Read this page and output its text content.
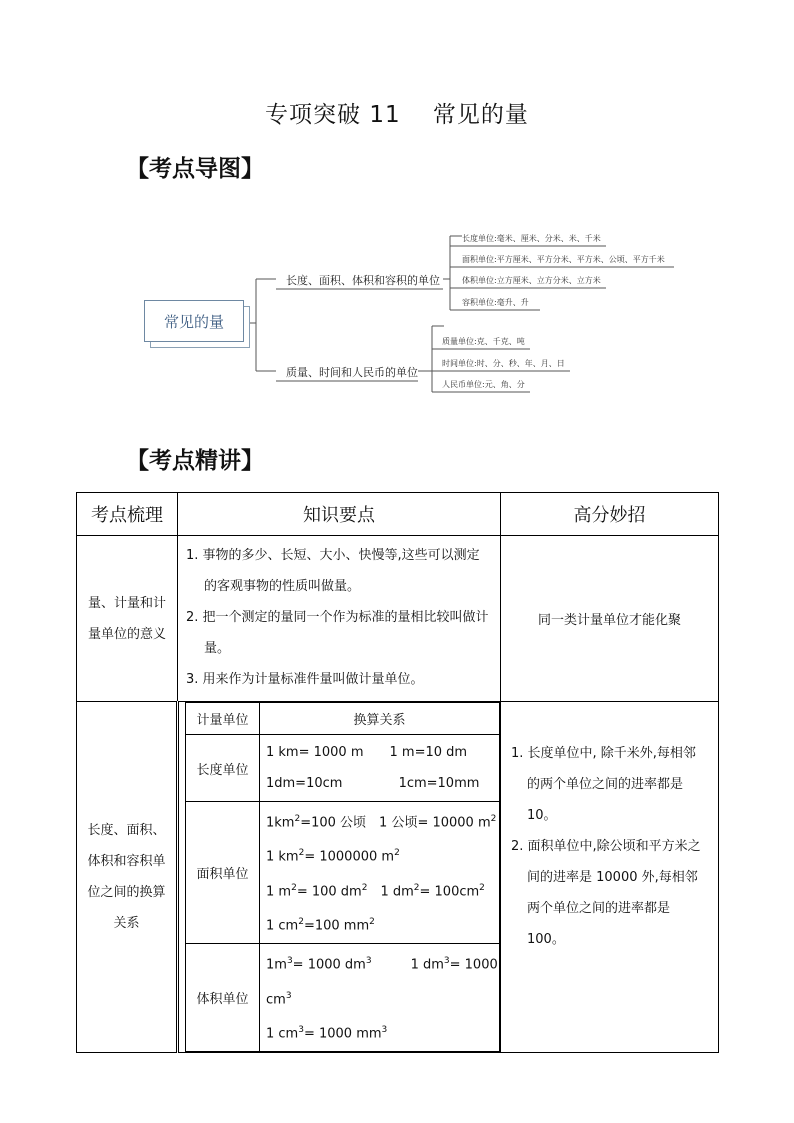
专项突破 11　 常见的量
【考点导图】
常见的量
长度、面积、体积和容积的单位
质量、时间和人民币的单位
长度单位:毫米、厘米、分米、米、千米
面积单位:平方厘米、平方分米、平方米、公顷、平方千米
体积单位:立方厘米、立方分米、立方米
容积单位:毫升、升
质量单位:克、千克、吨
时间单位:时、分、秒、年、月、日
人民币单位:元、角、分
【考点精讲】
考点梳理	知识要点	高分妙招
量、计量和计量单位的意义	
1. 事物的多少、长短、大小、快慢等,这些可以测定的客观事物的性质叫做量。
2. 把一个测定的量同一个作为标准的量相比较叫做计量。
3. 用来作为计量标准件量叫做计量单位。
	同一类计量单位才能化聚
长度、面积、体积和容积单位之间的换算关系	
计量单位	换算关系
长度单位	
1 km= 1000 m　　1 m=10 dm
1dm=10cm　　　　 1cm=10mm

面积单位	
$1km^2=100$ 公顷　1 公顷= 10000 $m^2$
1 $km^2= 1000000$ $m^2$
1 $m^2= 100$ $dm^2$　1 $dm^2= 100cm^2$
1 $cm^2=100$ $mm^2$

体积单位	
$1m^3= 1000$ $dm^3$　　　1 $dm^3= 1000$
$cm^3$
1 $cm^3= 1000$ $mm^3$

1. 长度单位中, 除千米外,每相邻的两个单位之间的进率都是 10。
2. 面积单位中,除公顷和平方米之间的进率是 10000 外,每相邻两个单位之间的进率都是 100。
